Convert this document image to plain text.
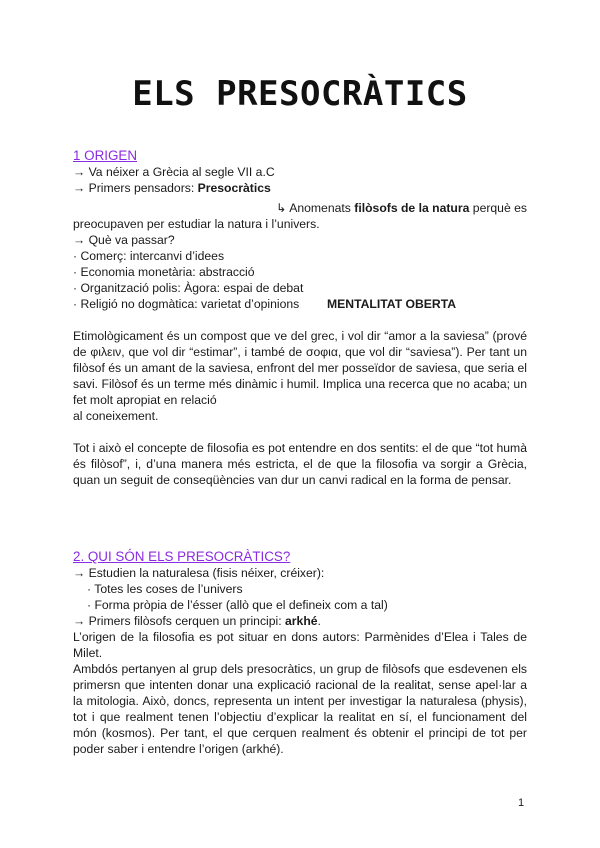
ELS PRESOCRÀTICS
1 ORIGEN
→ Va néixer a Grècia al segle VII a.C
→ Primers pensadors: Presocràtics
↳ Anomenats filòsofs de la natura perquè es
preocupaven per estudiar la natura i l’univers.
→ Què va passar?
· Comerç: intercanvi d’idees
· Economia monetària: abstracció
· Organització polis: Àgora: espai de debat
· Religió no dogmàtica: varietat d’opinions MENTALITAT OBERTA
Etimològicament és un compost que ve del grec, i vol dir “amor a la saviesa” (prové de φιλειν, que vol dir “estimar”, i també de σοφια, que vol dir “saviesa”). Per tant un filòsof és un amant de la saviesa, enfront del mer posseïdor de saviesa, que seria el savi. Filòsof és un terme més dinàmic i humil. Implica una recerca que no acaba; un fet molt apropiat en relació
al coneixement.
Tot i això el concepte de filosofia es pot entendre en dos sentits: el de que “tot humà és filòsof”, i, d’una manera més estricta, el de que la filosofia va sorgir a Grècia, quan un seguit de conseqüències van dur un canvi radical en la forma de pensar.
2. QUI SÓN ELS PRESOCRÀTICS?
→ Estudien la naturalesa (fisis néixer, créixer):
· Totes les coses de l’univers
· Forma pròpia de l’ésser (allò que el defineix com a tal)
→ Primers filòsofs cerquen un principi: arkhé.
L’origen de la filosofia es pot situar en dons autors: Parmènides d’Elea i Tales de Milet.
Ambdós pertanyen al grup dels presocràtics, un grup de filòsofs que esdevenen els primersn que intenten donar una explicació racional de la realitat, sense apel·lar a la mitologia. Això, doncs, representa un intent per investigar la naturalesa (physis), tot i que realment tenen l’objectiu d’explicar la realitat en sí, el funcionament del món (kosmos). Per tant, el que cerquen realment és obtenir el principi de tot per poder saber i entendre l’origen (arkhé).
1
